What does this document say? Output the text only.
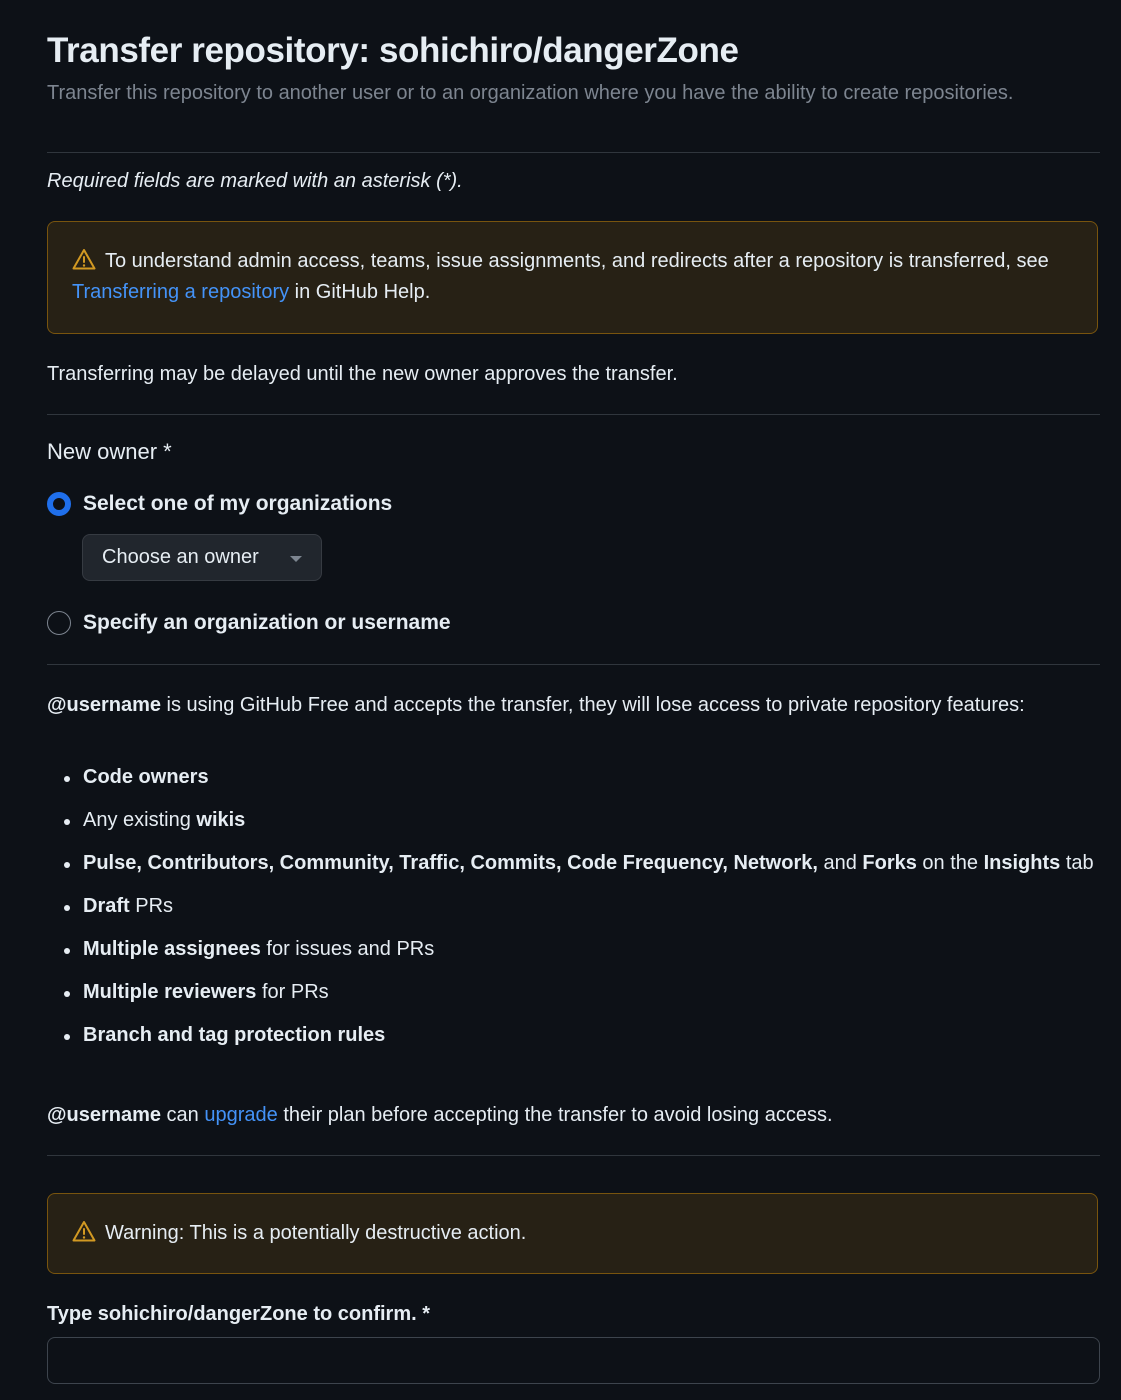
Transfer repository: sohichiro/dangerZone
Transfer this repository to another user or to an organization where you have the ability to create repositories.
Required fields are marked with an asterisk (*).
To understand admin access, teams, issue assignments, and redirects after a repository is transferred, see Transferring a repository in GitHub Help.
Transferring may be delayed until the new owner approves the transfer.
New owner *
Select one of my organizations
Choose an owner
Specify an organization or username
@username is using GitHub Free and accepts the transfer, they will lose access to private repository features:
Code owners
Any existing wikis
Pulse, Contributors, Community, Traffic, Commits, Code Frequency, Network, and Forks on the Insights tab
Draft PRs
Multiple assignees for issues and PRs
Multiple reviewers for PRs
Branch and tag protection rules
@username can upgrade their plan before accepting the transfer to avoid losing access.
Warning: This is a potentially destructive action.
Type sohichiro/dangerZone to confirm. *
